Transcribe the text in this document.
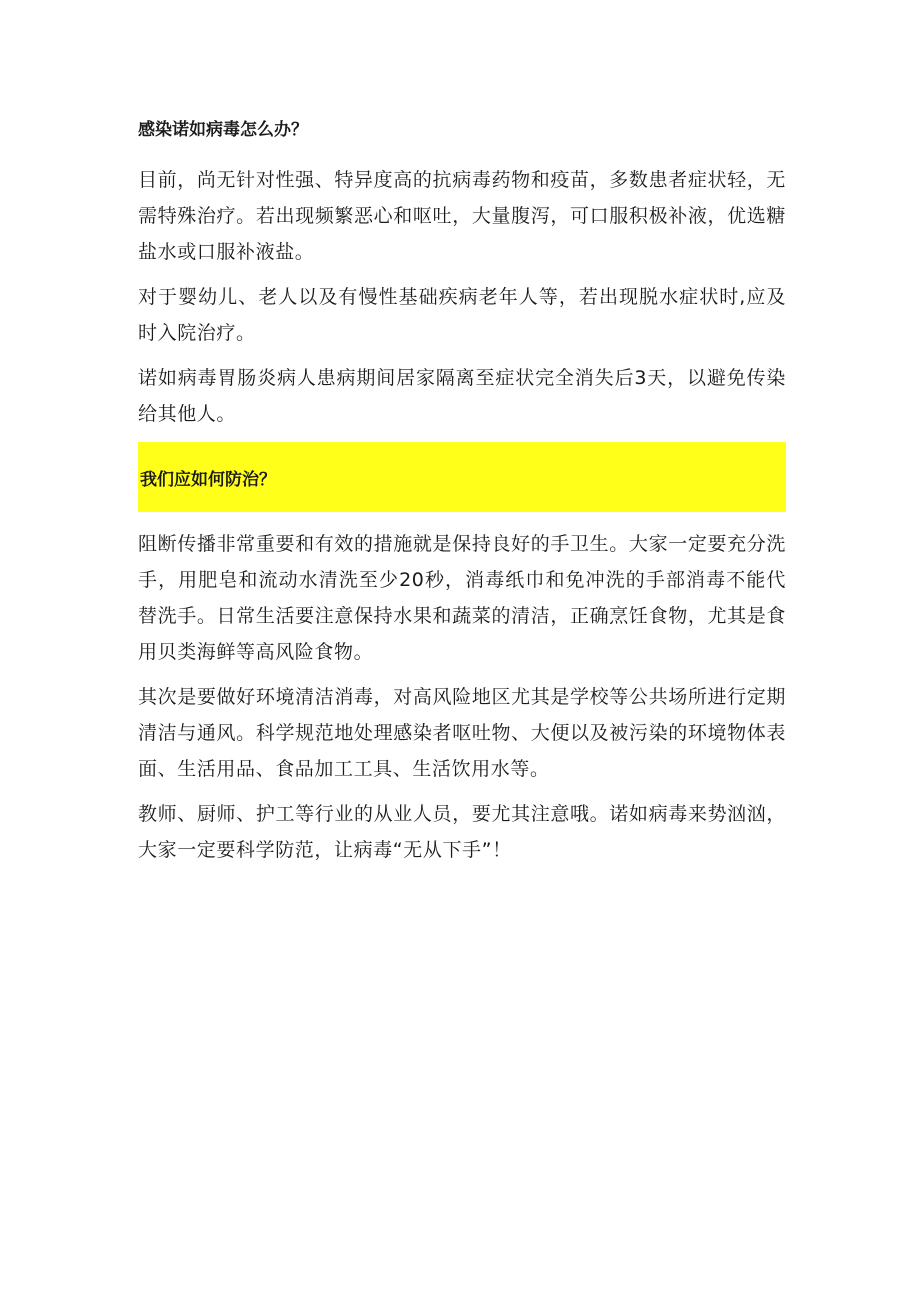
感染诺如病毒怎么办？

目前，尚无针对性强、特异度高的抗病毒药物和疫苗，多数患者症状轻，无需特殊治疗。若出现频繁恶心和呕吐，大量腹泻，可口服积极补液，优选糖盐水或口服补液盐。

对于婴幼儿、老人以及有慢性基础疾病老年人等，若出现脱水症状时,应及时入院治疗。

诺如病毒胃肠炎病人患病期间居家隔离至症状完全消失后3天，以避免传染给其他人。

我们应如何防治？

阻断传播非常重要和有效的措施就是保持良好的手卫生。大家一定要充分洗手，用肥皂和流动水清洗至少20秒，消毒纸巾和免冲洗的手部消毒不能代替洗手。日常生活要注意保持水果和蔬菜的清洁，正确烹饪食物，尤其是食用贝类海鲜等高风险食物。

其次是要做好环境清洁消毒，对高风险地区尤其是学校等公共场所进行定期清洁与通风。科学规范地处理感染者呕吐物、大便以及被污染的环境物体表面、生活用品、食品加工工具、生活饮用水等。

教师、厨师、护工等行业的从业人员，要尤其注意哦。诺如病毒来势汹汹，大家一定要科学防范，让病毒“无从下手”！
